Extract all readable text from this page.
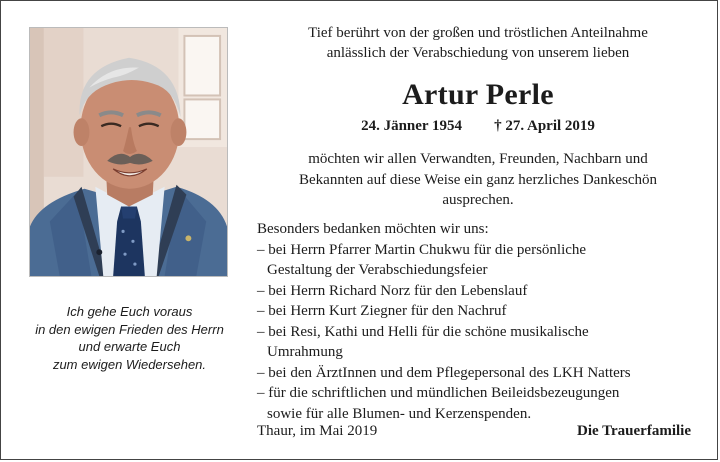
Ich gehe Euch voraus
in den ewigen Frieden des Herrn
und erwarte Euch
zum ewigen Wiedersehen.
Tief berührt von der großen und tröstlichen Anteilnahme
anlässlich der Verabschiedung von unserem lieben
Artur Perle
24. Jänner 1954 † 27. April 2019
möchten wir allen Verwandten, Freunden, Nachbarn und
Bekannten auf diese Weise ein ganz herzliches Dankeschön
ausprechen.
Besonders bedanken möchten wir uns:
– bei Herrn Pfarrer Martin Chukwu für die persönliche
Gestaltung der Verabschiedungsfeier
– bei Herrn Richard Norz für den Lebenslauf
– bei Herrn Kurt Ziegner für den Nachruf
– bei Resi, Kathi und Helli für die schöne musikalische
Umrahmung
– bei den ÄrztInnen und dem Pflegepersonal des LKH Natters
– für die schriftlichen und mündlichen Beileidsbezeugungen
sowie für alle Blumen- und Kerzenspenden.
Thaur, im Mai 2019	Die Trauerfamilie
